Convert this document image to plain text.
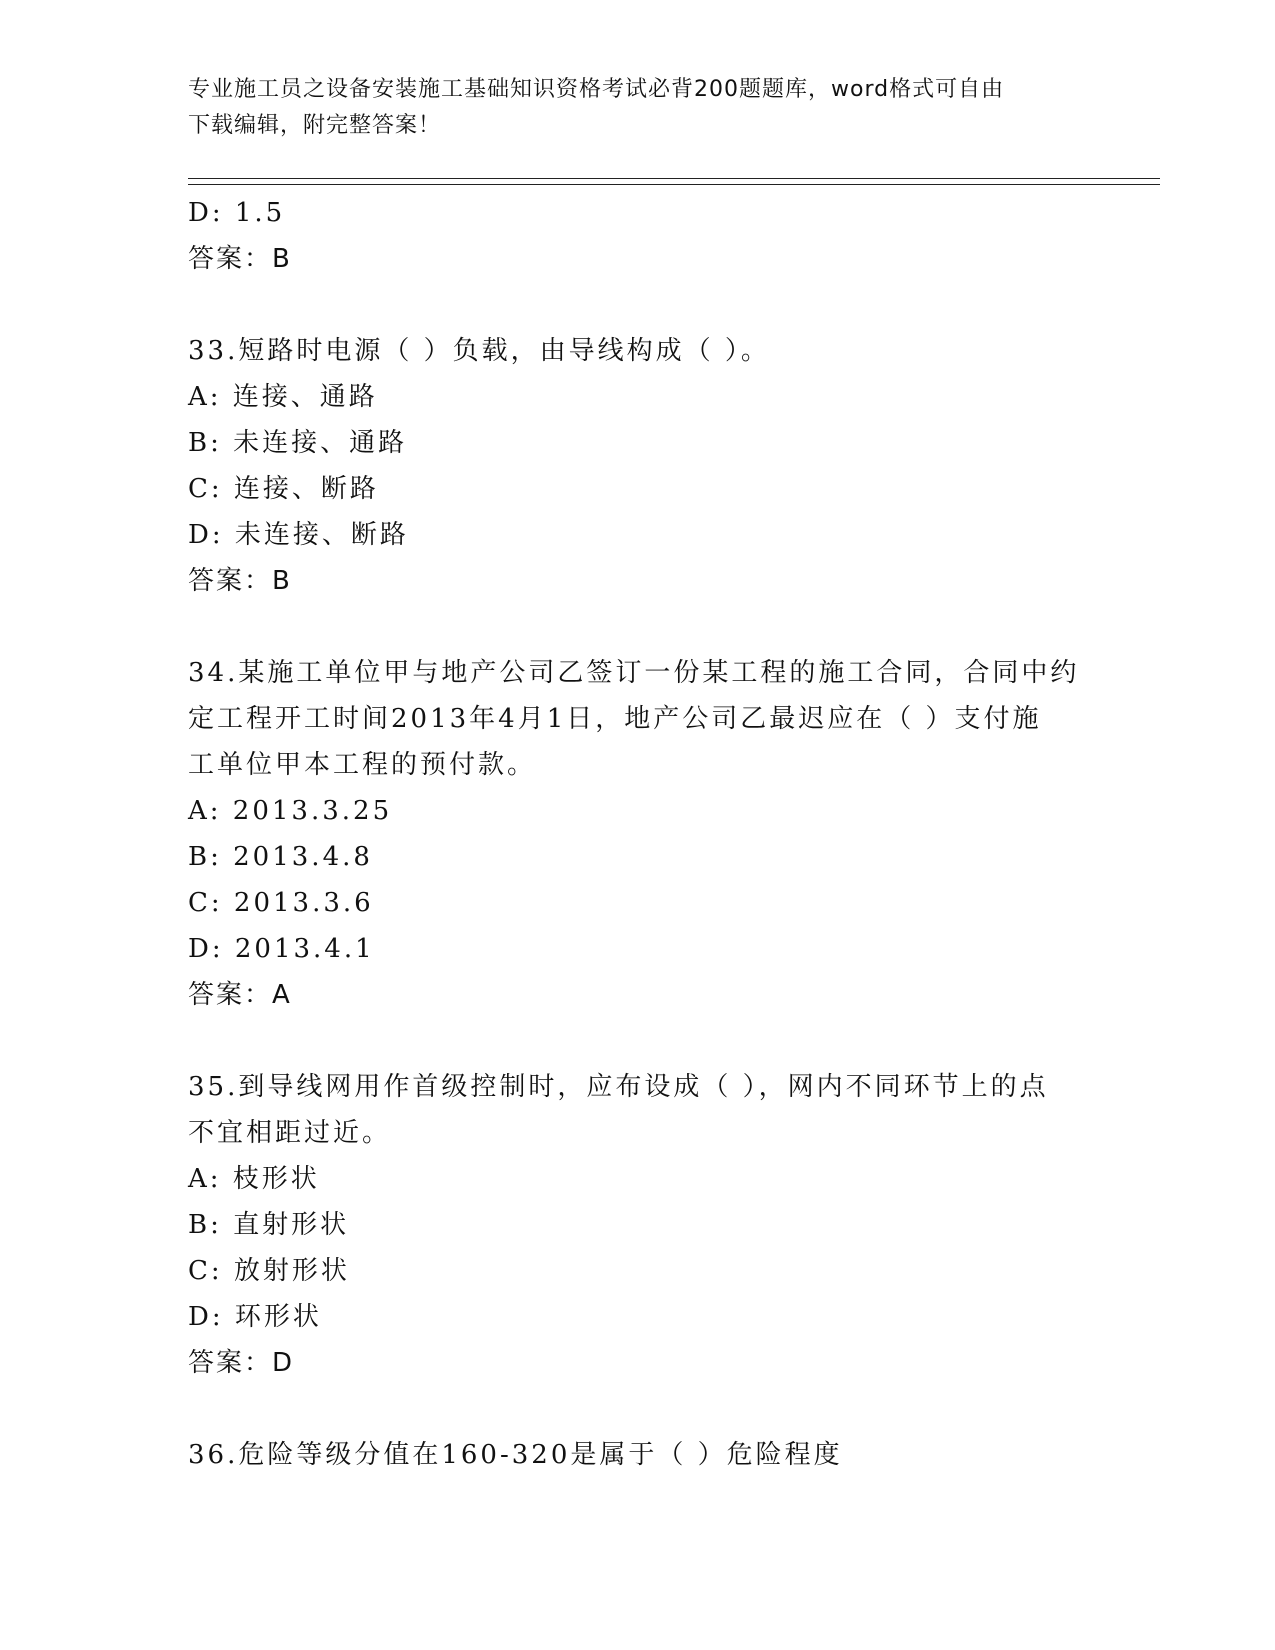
专业施工员之设备安装施工基础知识资格考试必背200题题库，word格式可自由
下载编辑，附完整答案！
D: 1.5
答案：B
33.短路时电源（ ）负载，由导线构成（ ）。
A: 连接、通路
B: 未连接、通路
C: 连接、断路
D: 未连接、断路
答案：B
34.某施工单位甲与地产公司乙签订一份某工程的施工合同，合同中约
定工程开工时间2013年4月1日，地产公司乙最迟应在（ ）支付施
工单位甲本工程的预付款。
A: 2013.3.25
B: 2013.4.8
C: 2013.3.6
D: 2013.4.1
答案：A
35.到导线网用作首级控制时，应布设成（ ），网内不同环节上的点
不宜相距过近。
A: 枝形状
B: 直射形状
C: 放射形状
D: 环形状
答案：D
36.危险等级分值在160-320是属于（ ）危险程度
